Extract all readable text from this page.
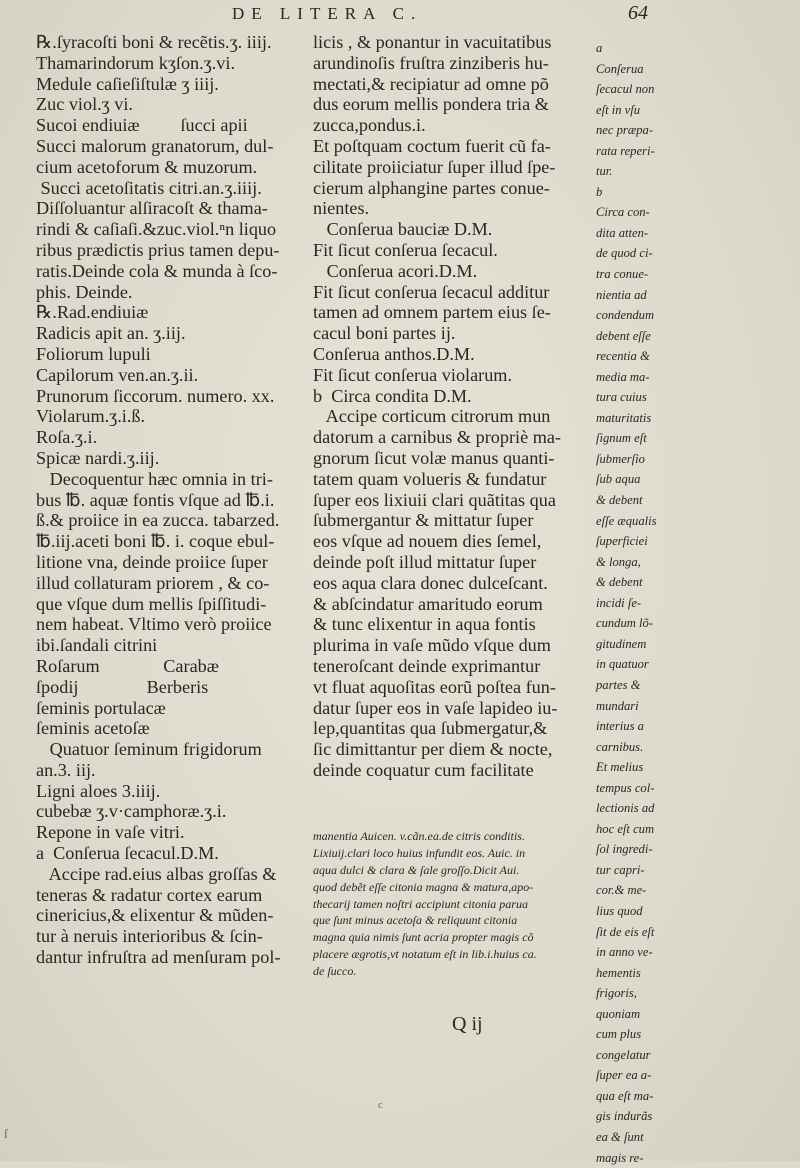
DE LITERA C.	64
℞.ſyracoſti boni & recẽtis.ʒ. iiij.
Thamarindorum kʒſon.ʒ.vi.
Medule caſieſiſtulæ ʒ iiij.
Zuc viol.ʒ vi.
Sucoi endiuiæ         ſucci apii
Succi malorum granatorum, dul-
cium acetoforum & muzorum.
Succi acetoſitatis citri.an.ʒ.iiij.
Diſſoluantur alſiracoſt & thama-
rindi & caſiaſi.&zuc.viol.ⁿn liquo
ribus prædictis prius tamen depu-
ratis.Deinde cola & munda à ſco-
phis. Deinde.
℞.Rad.endiuiæ
Radicis apit an. ʒ.iij.
Foliorum lupuli
Capilorum ven.an.ʒ.ii.
Prunorum ſiccorum. numero. xx.
Violarum.ʒ.i.ß.
Roſa.ʒ.i.
Spicæ nardi.ʒ.iij.
Decoquentur hæc omnia in tri-
bus ℔. aquæ fontis vſque ad ℔.i.
ß.& proiice in ea zucca. tabarzed.
℔.iij.aceti boni ℔. i. coque ebul-
litione vna, deinde proiice ſuper
illud collaturam priorem , & co-
que vſque dum mellis ſpiſſitudi-
nem habeat. Vltimo verò proiice
ibi.ſandali citrini
Roſarum              Carabæ
ſpodij               Berberis
ſeminis portulacæ
ſeminis acetoſæ
Quatuor ſeminum frigidorum
an.3. iij.
Ligni aloes 3.iiij.
cubebæ ʒ.v·camphoræ.ʒ.i.
Repone in vaſe vitri.
a  Conſerua ſecacul.D.M.
Accipe rad.eius albas groſſas &
teneras & radatur cortex earum
cinericius,& elixentur & mũden-
tur à neruis interioribus & ſcin-
dantur infruſtra ad menſuram pol-
licis , & ponantur in vacuitatibus
arundinoſis fruſtra zinziberis hu-
mectati,& recipiatur ad omne põ
dus eorum mellis pondera tria &
zucca,pondus.i.
Et poſtquam coctum fuerit cũ fa-
cilitate proiiciatur ſuper illud ſpe-
cierum alphangine partes conue-
nientes.
Conſerua bauciæ D.M.
Fit ſicut conſerua ſecacul.
Conſerua acori.D.M.
Fit ſicut conſerua ſecacul additur
tamen ad omnem partem eius ſe-
cacul boni partes ij.
Conſerua anthos.D.M.
Fit ſicut conſerua violarum.
b  Circa condita D.M.
Accipe corticum citrorum mun
datorum a carnibus & propriè ma-
gnorum ſicut volæ manus quanti-
tatem quam volueris & fundatur
ſuper eos lixiuii clari quãtitas qua
ſubmergantur & mittatur ſuper
eos vſque ad nouem dies ſemel,
deinde poſt illud mittatur ſuper
eos aqua clara donec dulceſcant.
& abſcindatur amaritudo eorum
& tunc elixentur in aqua fontis
plurima in vaſe mũdo vſque dum
teneroſcant deinde exprimantur
vt fluat aquoſitas eorũ poſtea fun-
datur ſuper eos in vaſe lapideo iu-
lep,quantitas qua ſubmergatur,&
ſic dimittantur per diem & nocte,
deinde coquatur cum facilitate
a
Conſerua
ſecacul non
eſt in vſu
nec præpa-
rata reperi-
tur.
b
Circa con-
dita atten-
de quod ci-
tra conue-
nientia ad
condendum
debent eſſe
recentia &
media ma-
tura cuius
maturitatis
ſignum eſt
ſubmerſio
ſub aqua
& debent
eſſe æqualis
ſuperficiei
& longa,
& debent
incidi ſe-
cundum lõ-
gitudinem
in quatuor
partes &
mundari
interius a
carnibus.
Et melius
tempus col-
lectionis ad
hoc eſt cum
ſol ingredi-
tur capri-
cor.& me-
lius quod
ſit de eis eſt
in anno ve-
hementis
frigoris,
quoniam
cum plus
congelatur
ſuper ea a-
qua eſt ma-
gis indurãs
ea & ſunt
magis re-
manentia Auicen. v.cãn.ea.de citris conditis.
Lixiuij.clari loco huius infundit eos. Auic. in
aqua dulci & clara & ſale groſſo.Dicit Aui.
quod debẽt eſſe citonia magna & matura,apo-
thecarij tamen noſtri accipiunt citonia parua
que ſunt minus acetoſa & reliquunt citonia
magna quia nimis ſunt acria propter magis cõ
placere ægrotis,vt notatum eſt in lib.i.huius ca.
de ſucco.
Q ij
ſ
c
